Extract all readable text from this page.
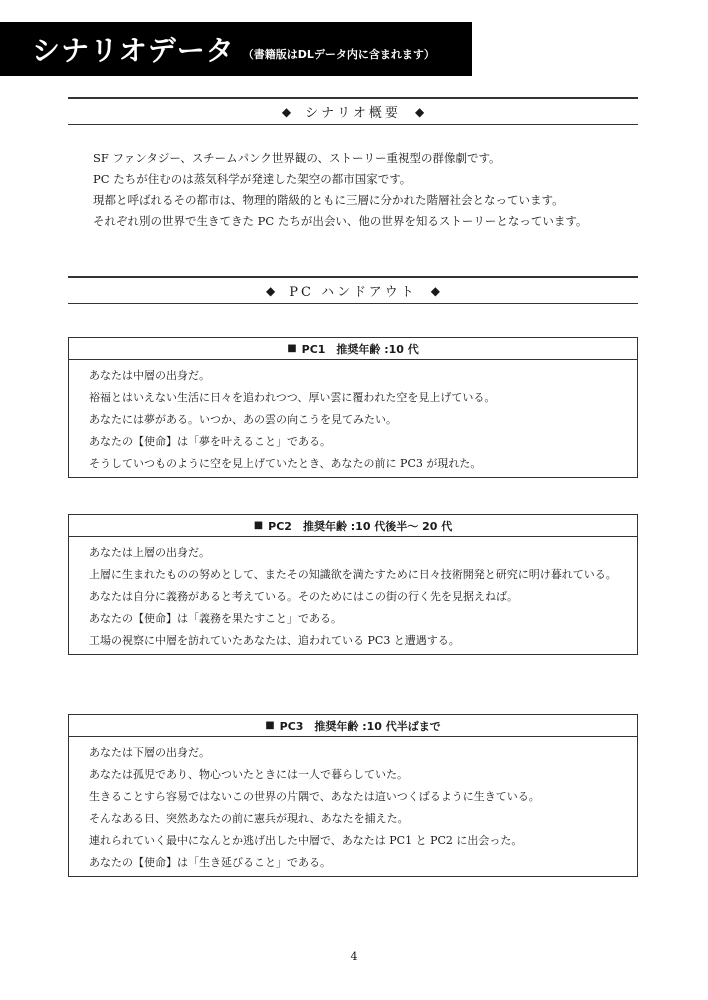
シナリオデータ （書籍版はDLデータ内に含まれます）
◆ シナリオ概要 ◆

SF ファンタジー、スチームパンク世界観の、ストーリー重視型の群像劇です。

PC たちが住むのは蒸気科学が発達した架空の都市国家です。

現都と呼ばれるその都市は、物理的階級的ともに三層に分かれた階層社会となっています。

それぞれ別の世界で生きてきた PC たちが出会い、他の世界を知るストーリーとなっています。

◆ PC ハンドアウト ◆
■ PC1　推奨年齢 :10 代

あなたは中層の出身だ。

裕福とはいえない生活に日々を追われつつ、厚い雲に覆われた空を見上げている。

あなたには夢がある。いつか、あの雲の向こうを見てみたい。

あなたの【使命】は「夢を叶えること」である。

そうしていつものように空を見上げていたとき、あなたの前に PC3 が現れた。

■ PC2　推奨年齢 :10 代後半～ 20 代

あなたは上層の出身だ。

上層に生まれたものの努めとして、またその知識欲を満たすために日々技術開発と研究に明け暮れている。

あなたは自分に義務があると考えている。そのためにはこの街の行く先を見据えねば。

あなたの【使命】は「義務を果たすこと」である。

工場の視察に中層を訪れていたあなたは、追われている PC3 と遭遇する。

■ PC3　推奨年齢 :10 代半ばまで

あなたは下層の出身だ。

あなたは孤児であり、物心ついたときには一人で暮らしていた。

生きることすら容易ではないこの世界の片隅で、あなたは這いつくばるように生きている。

そんなある日、突然あなたの前に憲兵が現れ、あなたを捕えた。

連れられていく最中になんとか逃げ出した中層で、あなたは PC1 と PC2 に出会った。

あなたの【使命】は「生き延びること」である。

4
